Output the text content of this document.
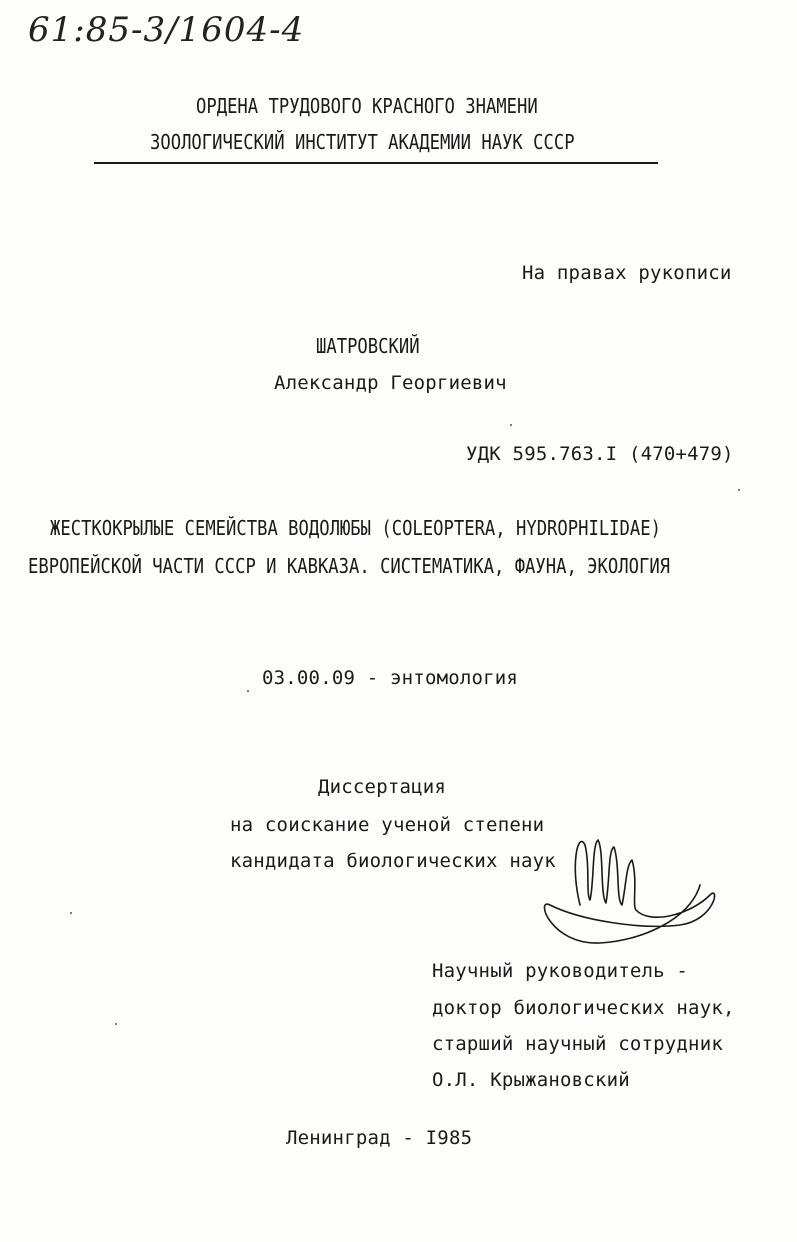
61:85-3/1604-4
ОРДЕНА ТРУДОВОГО КРАСНОГО ЗНАМЕНИ
ЗООЛОГИЧЕСКИЙ ИНСТИТУТ АКАДЕМИИ НАУК СССР
На правах рукописи
ШАТРОВСКИЙ
Александр Георгиевич
УДК 595.763.I (470+479)
ЖЕСТКОКРЫЛЫЕ СЕМЕЙСТВА ВОДОЛЮБЫ (COLEOPTERA, HYDROPHILIDAE)
ЕВРОПЕЙСКОЙ ЧАСТИ СССР И КАВКАЗА. СИСТЕМАТИКА, ФАУНА, ЭКОЛОГИЯ
03.00.09 - энтомология
Диссертация
на соискание ученой степени
кандидата биологических наук
Научный руководитель -
доктор биологических наук,
старший научный сотрудник
О.Л. Крыжановский
Ленинград - I985
